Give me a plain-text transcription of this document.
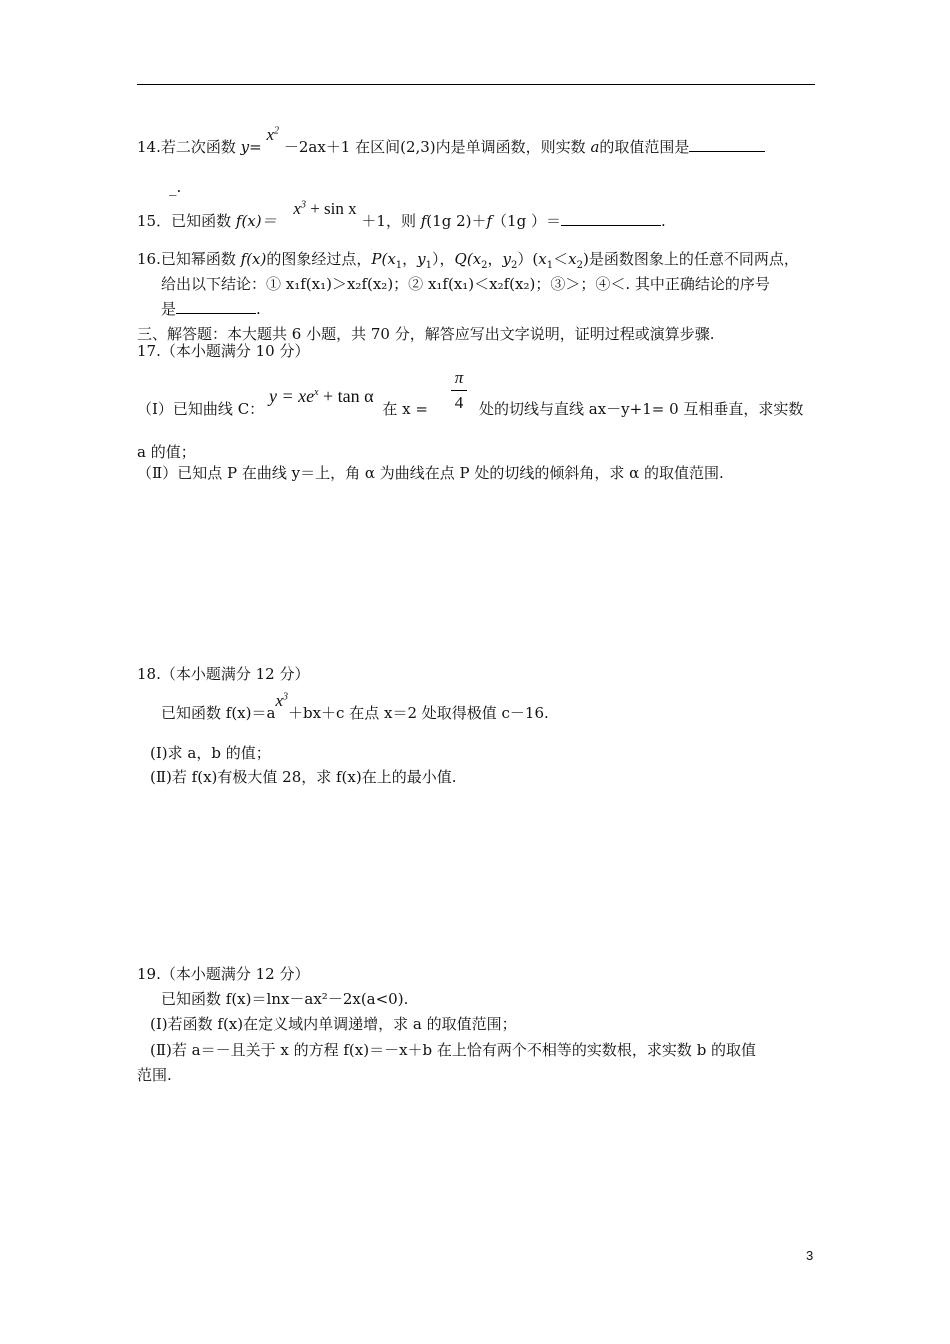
14.若二次函数 $y= x^2 -2ax+1$ 在区间(2,3)内是单调函数，则实数 a的取值范围是
_.
15．已知函数 $f(x)= x^3 + \sin x +1$，则 f(1g 2)＋f（1g ）＝	.
16.已知幂函数 f(x)的图象经过点，$P(x_1$，$y_1$），$Q(x_2$，$y_2)(x_1<x_2)$是函数图象上的任意不同两点，
给出以下结论：① x₁f(x₁)＞x₂f(x₂)；② x₁f(x₁)＜x₂f(x₂)；③＞；④＜. 其中正确结论的序号
是	.
三、解答题：本大题共 6 小题，共 70 分，解答应写出文字说明，证明过程或演算步骤.
17.（本小题满分 10 分）
（Ⅰ）已知曲线 C： $y = xe^x + \tan \alpha$ 在 x =
π
4 处的切线与直线 ax－y+1= 0 互相垂直，求实数
a 的值；
（Ⅱ）已知点 P 在曲线 y＝上，角 α 为曲线在点 P 处的切线的倾斜角，求 α 的取值范围.
18.（本小题满分 12 分）
已知函数 $f(x)=ax^3+bx+c$ 在点 x＝2 处取得极值 c－16.
(Ⅰ)求 a，b 的值；
(Ⅱ)若 f(x)有极大值 28，求 f(x)在上的最小值.
19.（本小题满分 12 分）
已知函数 f(x)＝lnx－ax²－2x(a<0).
(Ⅰ)若函数 f(x)在定义域内单调递增，求 a 的取值范围；
(Ⅱ)若 a＝－且关于 x 的方程 f(x)＝－x＋b 在上恰有两个不相等的实数根，求实数 b 的取值
范围.
3
